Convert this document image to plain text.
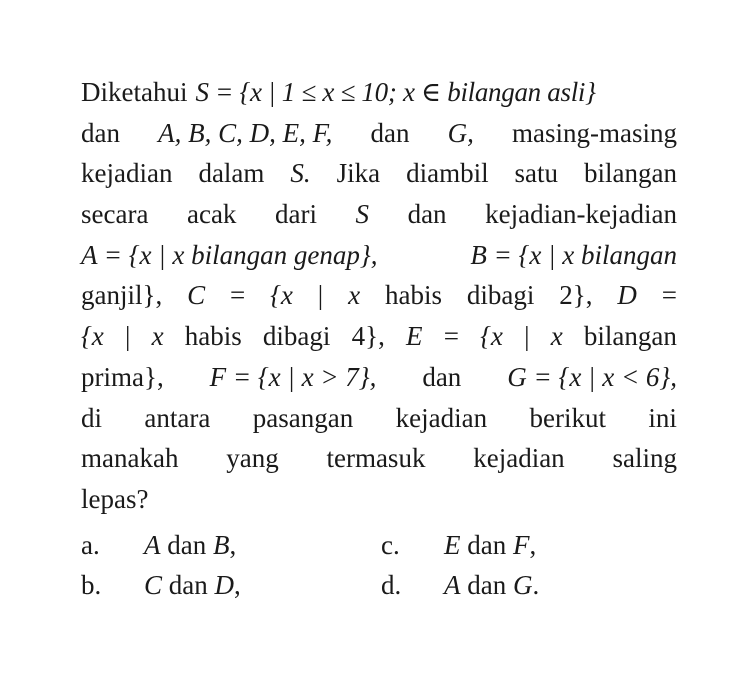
Diketahui S = {x | 1 ≤ x ≤ 10; x ∈ bilangan asli}
dan A, B, C, D, E, F, dan G, masing-masing
kejadian dalam S. Jika diambil satu bilangan
secara acak dari S dan kejadian-kejadian
A = {x | x bilangan genap},	B = {x | x bilangan
ganjil}, C = {x | x habis dibagi 2}, D =
{x | x habis dibagi 4}, E = {x | x bilangan
prima}, F = {x | x > 7}, dan G = {x | x < 6},
di antara pasangan kejadian berikut ini
manakah yang termasuk kejadian saling
lepas?
a.	A dan B,	c.	E dan F,
b.	C dan D,	d.	A dan G.
